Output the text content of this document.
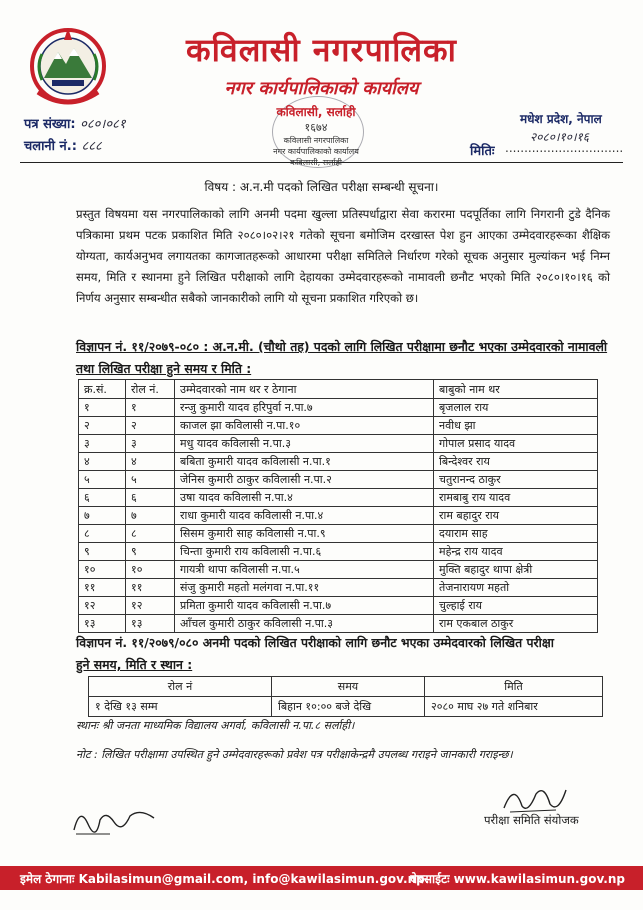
कविलासी नगरपालिका
नगर कार्यपालिकाको कार्यालय
पत्र संख्या: ०८०।०८१
चलानी नं.: ८८८
मधेश प्रदेश, नेपाल
२०८०।१०।१६
मितिः ...............................
कविलासी, सर्लाही
१६७४
कविलासी नगरपालिका
नगर कार्यपालिकाको कार्यालय
कविलासी, सर्लाही
विषय : अ.न.मी पदको लिखित परीक्षा सम्बन्धी सूचना।
प्रस्तुत विषयमा यस नगरपालिकाको लागि अनमी पदमा खुल्ला प्रतिस्पर्धाद्वारा सेवा करारमा पदपूर्तिका लागि निगरानी टुडे दैनिक पत्रिकामा प्रथम पटक प्रकाशित मिति २०८०।०२।२१ गतेको सूचना बमोजिम दरखास्त पेश हुन आएका उम्मेदवारहरूका शैक्षिक योग्यता, कार्यअनुभव लगायतका कागजातहरूको आधारमा परीक्षा समितिले निर्धारण गरेको सूचक अनुसार मुल्यांकन भई निम्न समय, मिति र स्थानमा हुने लिखित परीक्षाको लागि देहायका उम्मेदवारहरूको नामावली छनौट भएको मिति २०८०।१०।१६ को निर्णय अनुसार सम्बन्धीत सबैको जानकारीको लागि यो सूचना प्रकाशित गरिएको छ।
विज्ञापन नं. ११/२०७९-०८० : अ.न.मी. (चौथो तह) पदको लागि लिखित परीक्षामा छनौट भएका उम्मेदवारको नामावली तथा लिखित परीक्षा हुने समय र मिति :
क्र.सं.	रोल नं.	उम्मेदवारको नाम थर र ठेगाना	बाबुको नाम थर
१	१	रन्जु कुमारी यादव हरिपुर्वा न.पा.७	बृजलाल राय
२	२	काजल झा कविलासी न.पा.१०	नवीध झा
३	३	मधु यादव कविलासी न.पा.३	गोपाल प्रसाद यादव
४	४	बबिता कुमारी यादव कविलासी न.पा.१	बिन्देश्वर राय
५	५	जेनिस कुमारी ठाकुर कविलासी न.पा.२	चतुरानन्द ठाकुर
६	६	उषा यादव कविलासी न.पा.४	रामबाबु राय यादव
७	७	राधा कुमारी यादव कविलासी न.पा.४	राम बहादुर राय
८	८	सिसम कुमारी साह कविलासी न.पा.९	दयाराम साह
९	९	चिन्ता कुमारी राय कविलासी न.पा.६	महेन्द्र राय यादव
१०	१०	गायत्री थापा कविलासी न.पा.५	मुक्ति बहादुर थापा क्षेत्री
११	११	संजु कुमारी महतो मलंगवा न.पा.११	तेजनारायण महतो
१२	१२	प्रमिता कुमारी यादव कविलासी न.पा.७	चुल्हाई राय
१३	१३	आँचल कुमारी ठाकुर कविलासी न.पा.३	राम एकबाल ठाकुर
विज्ञापन नं. ११/२०७९/०८० अनमी पदको लिखित परीक्षाको लागि छनौट भएका उम्मेदवारको लिखित परीक्षा
हुने समय, मिति र स्थान :
रोल नं	समय	मिति
१ देखि १३ सम्म	बिहान १०:०० बजे देखि	२०८० माघ २७ गते शनिबार
स्थानः श्री जनता माध्यमिक विद्यालय अगर्वा, कविलासी न.पा.८ सर्लाही।
नोट : लिखित परीक्षामा उपस्थित हुने उम्मेदवारहरूको प्रवेश पत्र परीक्षाकेन्द्रमै उपलब्ध गराइने जानकारी गराइन्छ।
परीक्षा समिति संयोजक
इमेल ठेगानाः Kabilasimun@gmail.com, info@kawilasimun.gov.np.
वेबसाईटः www.kawilasimun.gov.np
